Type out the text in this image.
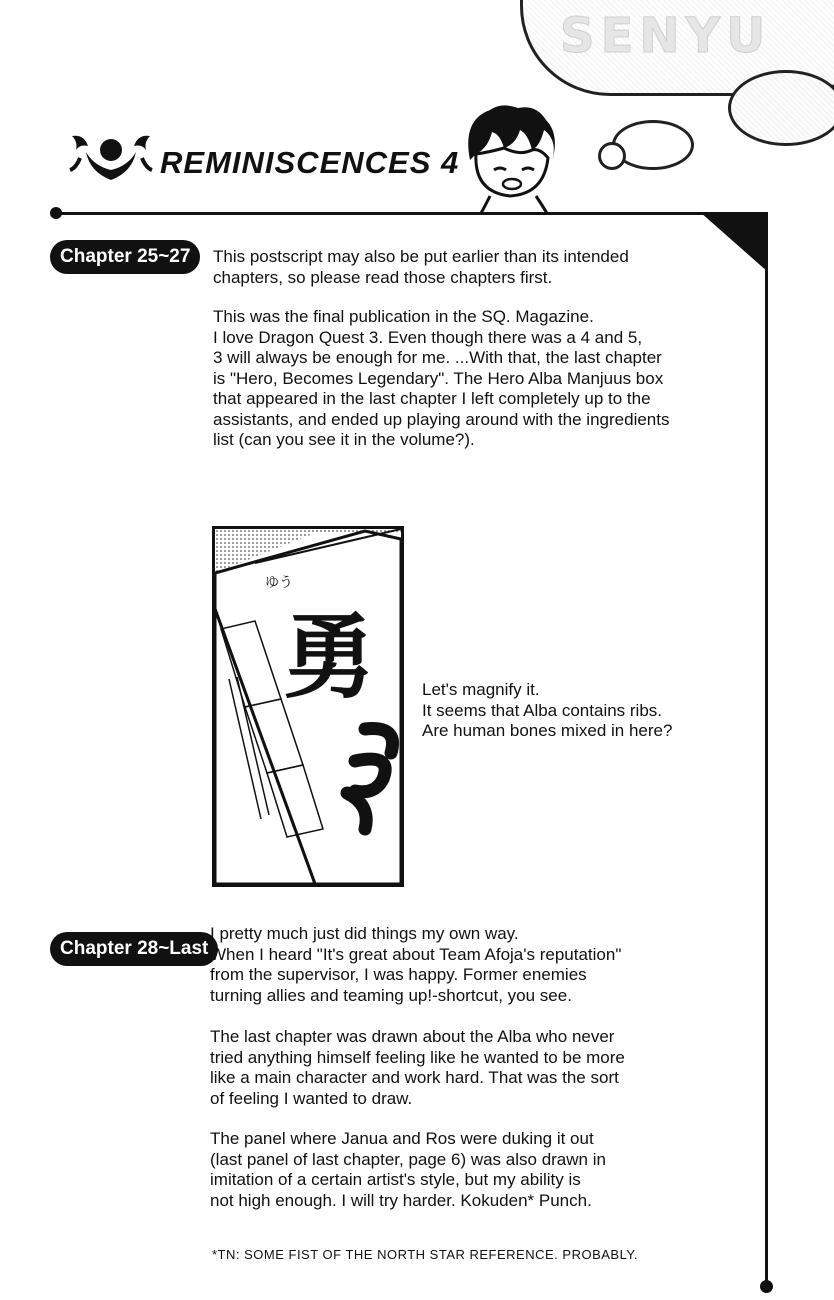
SENYU
REMINISCENCES 4
Chapter 25~27	This postscript may also be put earlier than its intended
chapters, so please read those chapters first.
This was the final publication in the SQ. Magazine.
I love Dragon Quest 3. Even though there was a 4 and 5,
3 will always be enough for me. ...With that, the last chapter
is "Hero, Becomes Legendary". The Hero Alba Manjuus box
that appeared in the last chapter I left completely up to the
assistants, and ended up playing around with the ingredients
list (can you see it in the volume?).
ゆう
勇	Let's magnify it.
It seems that Alba contains ribs.
Are human bones mixed in here?
Chapter 28~Last
I pretty much just did things my own way.
When I heard "It's great about Team Afoja's reputation"
from the supervisor, I was happy. Former enemies
turning allies and teaming up!-shortcut, you see.
The last chapter was drawn about the Alba who never
tried anything himself feeling like he wanted to be more
like a main character and work hard. That was the sort
of feeling I wanted to draw.
The panel where Janua and Ros were duking it out
(last panel of last chapter, page 6) was also drawn in
imitation of a certain artist's style, but my ability is
not high enough. I will try harder. Kokuden* Punch.
*TN: SOME FIST OF THE NORTH STAR REFERENCE. PROBABLY.
